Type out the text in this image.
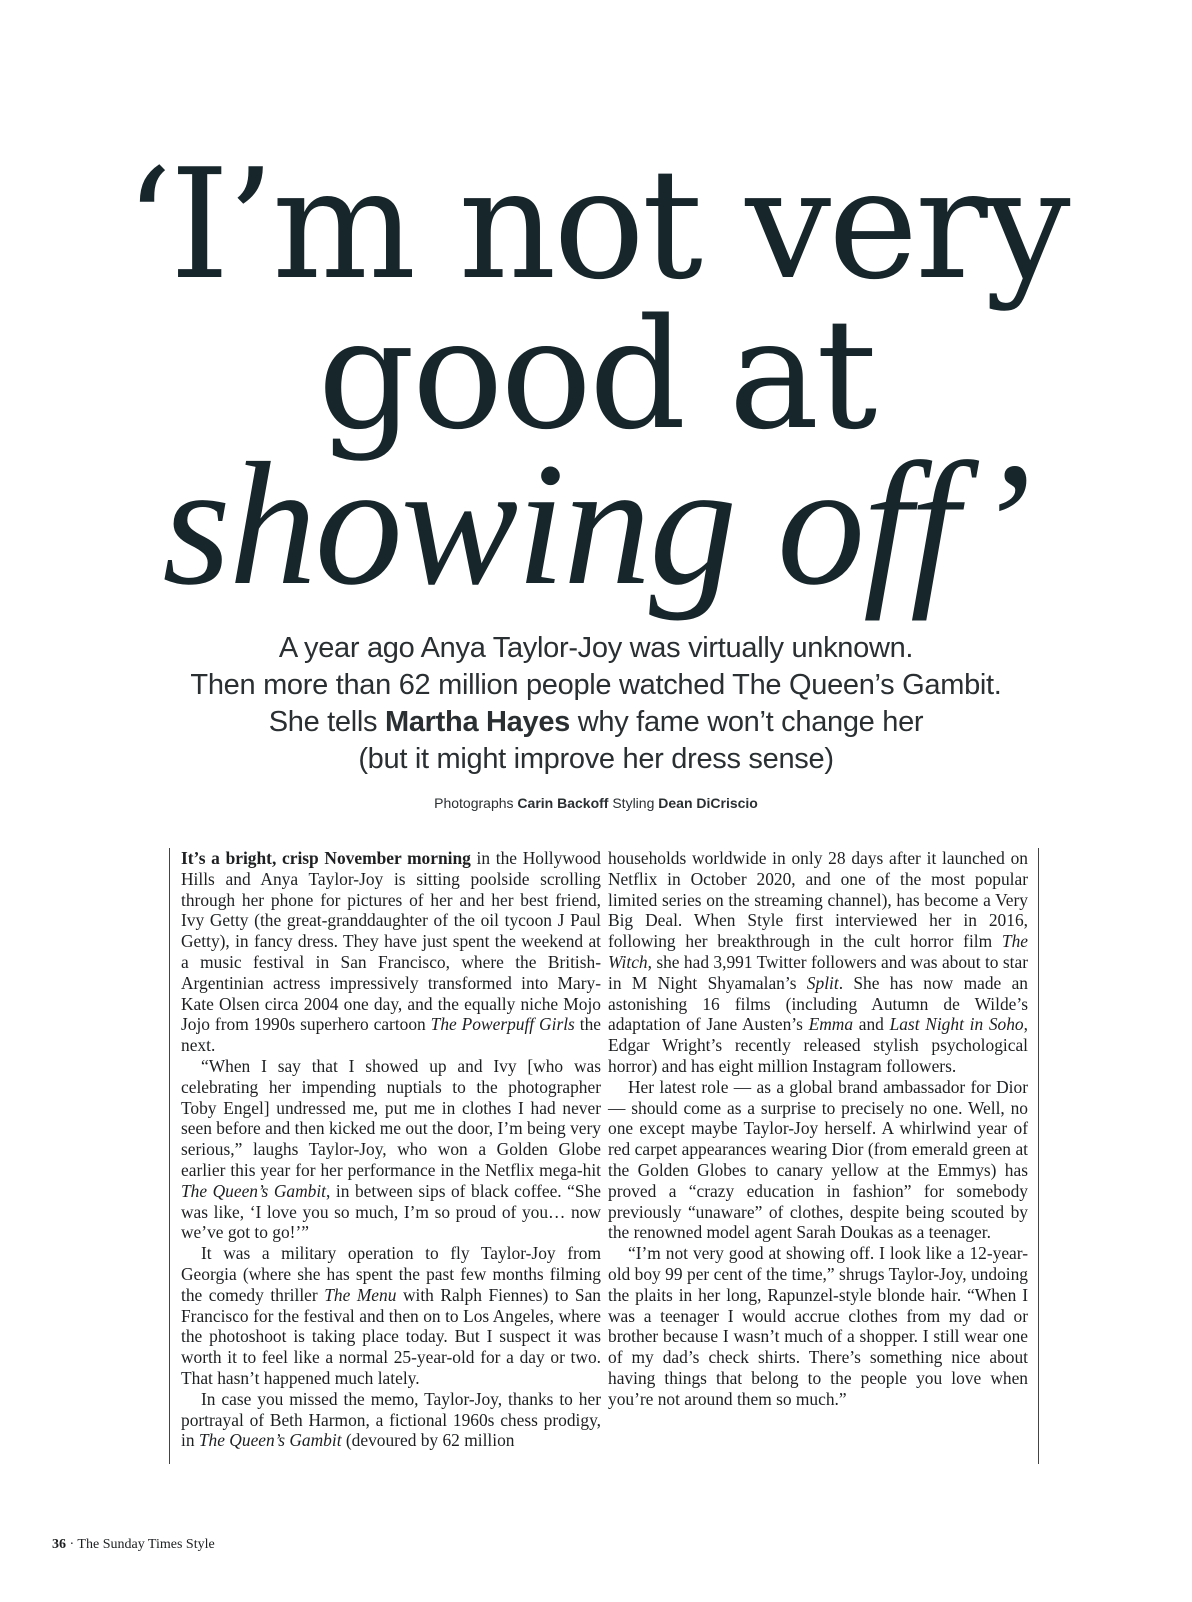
‘I’m not very
good at
showing off’
A year ago Anya Taylor-Joy was virtually unknown.
Then more than 62 million people watched The Queen’s Gambit.
She tells Martha Hayes why fame won’t change her
(but it might improve her dress sense)
Photographs Carin Backoff Styling Dean DiCriscio

It’s a bright, crisp November morning in the Hollywood Hills and Anya Taylor-Joy is sitting poolside scrolling through her phone for pictures of her and her best friend, Ivy Getty (the great-granddaughter of the oil tycoon J Paul Getty), in fancy dress. They have just spent the weekend at a music festival in San Francisco, where the British-Argentinian actress impressively transformed into Mary-Kate Olsen circa 2004 one day, and the equally niche Mojo Jojo from 1990s superhero cartoon The Powerpuff Girls the next.

“When I say that I showed up and Ivy [who was celebrating her impending nuptials to the photographer Toby Engel] undressed me, put me in clothes I had never seen before and then kicked me out the door, I’m being very serious,” laughs Taylor-Joy, who won a Golden Globe earlier this year for her performance in the Netflix mega-hit The Queen’s Gambit, in between sips of black coffee. “She was like, ‘I love you so much, I’m so proud of you… now we’ve got to go!’”

It was a military operation to fly Taylor-Joy from Georgia (where she has spent the past few months filming the comedy thriller The Menu with Ralph Fiennes) to San Francisco for the festival and then on to Los Angeles, where the photoshoot is taking place today. But I suspect it was worth it to feel like a normal 25-year-old for a day or two. That hasn’t happened much lately.

In case you missed the memo, Taylor-Joy, thanks to her portrayal of Beth Harmon, a fictional 1960s chess prodigy, in The Queen’s Gambit (devoured by 62 million

households worldwide in only 28 days after it launched on Netflix in October 2020, and one of the most popular limited series on the streaming channel), has become a Very Big Deal. When Style first interviewed her in 2016, following her breakthrough in the cult horror film The Witch, she had 3,991 Twitter followers and was about to star in M Night Shyamalan’s Split. She has now made an astonishing 16 films (including Autumn de Wilde’s adaptation of Jane Austen’s Emma and Last Night in Soho, Edgar Wright’s recently released stylish psychological horror) and has eight million Instagram followers.

Her latest role — as a global brand ambassador for Dior — should come as a surprise to precisely no one. Well, no one except maybe Taylor-Joy herself. A whirlwind year of red carpet appearances wearing Dior (from emerald green at the Golden Globes to canary yellow at the Emmys) has proved a “crazy education in fashion” for somebody previously “unaware” of clothes, despite being scouted by the renowned model agent Sarah Doukas as a teenager.

“I’m not very good at showing off. I look like a 12-year-old boy 99 per cent of the time,” shrugs Taylor-Joy, undoing the plaits in her long, Rapunzel-style blonde hair. “When I was a teenager I would accrue clothes from my dad or brother because I wasn’t much of a shopper. I still wear one of my dad’s check shirts. There’s something nice about having things that belong to the people you love when you’re not around them so much.”

36 · The Sunday Times Style
